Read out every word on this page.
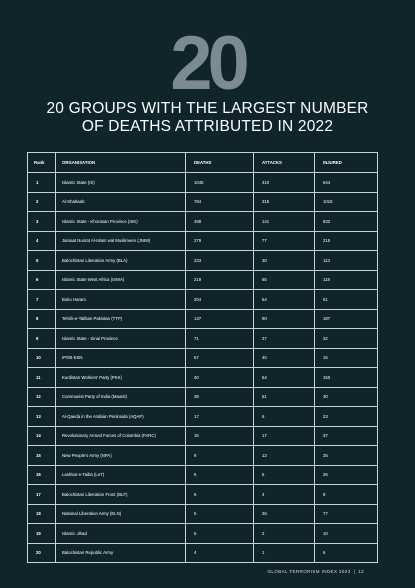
20
20 GROUPS WITH THE LARGEST NUMBER
OF DEATHS ATTRIBUTED IN 2022
Rank	ORGANISATION	DEATHS	ATTACKS	INJURED
1	Islamic State (IS)	1045	410	644
2	Al-Shabaab	784	315	1016
3	Islamic State - Khorasan Province (ISK)	498	141	832
4	Jamaat Nusrat Al-Islam wal Muslimeen (JNIM)	279	77	215
5	Balochistan Liberation Army (BLA)	233	30	113
6	Islamic State West Africa (ISWA)	219	65	118
7	Boko Haram	204	64	51
8	Tehrik-e-Taliban Pakistan (TTP)	137	90	187
9	Islamic State - Sinai Province	71	27	32
10	IPOB-ESN	57	40	16
11	Kurdistan Workers' Party (PKK)	40	54	150
12	Communist Party of India (Maoist)	39	61	30
13	Al-Qaeda in the Arabian Peninsula (AQAP)	17	6	23
14	Revolutionary Armed Forces of Colombia (FARC)	16	17	37
15	New People's Army (NPA)	9	13	25
16	Lashkar-e-Taiba (LeT)	6	6	26
17	Balochistan Liberation Front (BLF)	6	4	8
18	National Liberation Army (ELN)	5	26	77
19	Islamic Jihad	5	2	10
20	Balochistan Republic Army	4	1	6
GLOBAL TERRORISM INDEX 2023 | 12
